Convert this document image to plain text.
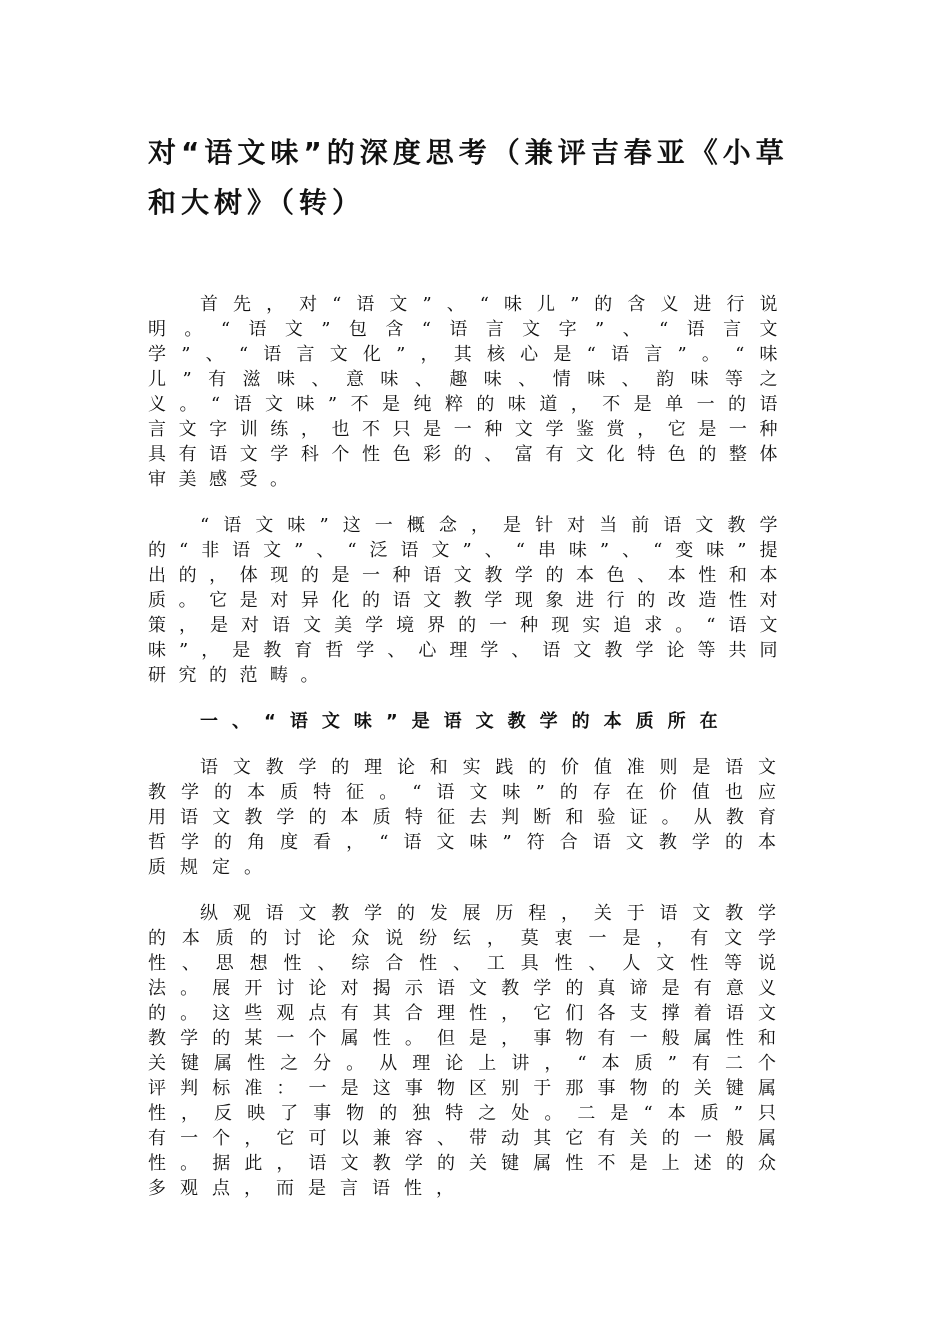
对“语文味”的深度思考（兼评吉春亚《小草和大树》（转）

首先，对“语文”、“味儿”的含义进行说明。“语文”包含“语言文字”、“语言文学”、“语言文化”，其核心是“语言”。“味儿”有滋味、意味、趣味、情味、韵味等之义。“语文味”不是纯粹的味道，不是单一的语言文字训练，也不只是一种文学鉴赏，它是一种具有语文学科个性色彩的、富有文化特色的整体审美感受。

“语文味”这一概念，是针对当前语文教学的“非语文”、“泛语文”、“串味”、“变味”提出的，体现的是一种语文教学的本色、本性和本质。它是对异化的语文教学现象进行的改造性对策，是对语文美学境界的一种现实追求。“语文味”，是教育哲学、心理学、语文教学论等共同研究的范畴。

一、“语文味”是语文教学的本质所在

语文教学的理论和实践的价值准则是语文教学的本质特征。“语文味”的存在价值也应用语文教学的本质特征去判断和验证。从教育哲学的角度看，“语文味”符合语文教学的本质规定。

纵观语文教学的发展历程，关于语文教学的本质的讨论众说纷纭，莫衷一是，有文学性、思想性、综合性、工具性、人文性等说法。展开讨论对揭示语文教学的真谛是有意义的。这些观点有其合理性，它们各支撑着语文教学的某一个属性。但是，事物有一般属性和关键属性之分。从理论上讲，“本质”有二个评判标准：一是这事物区别于那事物的关键属性，反映了事物的独特之处。二是“本质”只有一个，它可以兼容、带动其它有关的一般属性。据此，语文教学的关键属性不是上述的众多观点，而是言语性，
